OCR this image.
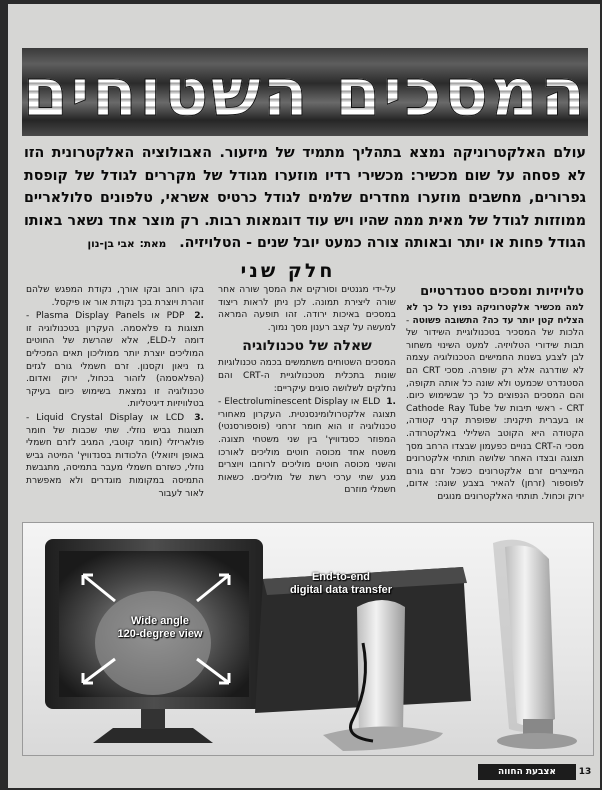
המסכים השטוחים
עולם האלקטרוניקה נמצא בתהליך מתמיד של מיזעור. האבולוציה האלקטרונית הזו לא פסחה על שום מכשיר: מכשירי רדיו מוזערו מגודל של מקררים לגודל של קופסת גפרורים, מחשבים מוזערו מחדרים שלמים לגודל כרטיס אשראי, טלפונים סלולאריים ממוזזות לגודל של מאית ממה שהיו ויש עוד דוגמאות רבות. רק מוצר אחד נשאר באותו הגודל פחות או יותר ובאותה צורה כמעט יובל שנים - הטלויזיה. מאת: אבי בן-נון
חלק שני
טלויזיות ומסכים סטנדרטיים

למה מכשיר אלקטרוניקה נפוץ כל כך לא הצליח קטן יותר עד כה? התשובה פשוטה - הלכות של המסכיר בטכנולוגיית השידור של תבות שידורי הטלויזיה. למעט השינוי משחור לבן לצבע בשנות החמישים הטכנולוגיה עצמה לא שודרגה אלא רק שופרה. מסכי CRT הם הסטנדרט שכמעט ולא שונה כל אותה תקופה, והם המסכים הנפוצים כל כך שבשימוש כיום. CRT - ראשי תיבות של Cathode Ray Tube או בעברית תיקנית: שפופרת קרני קטודה, הקטודה היא הקוטב השלילי באלקטרודה. מסכי ה-CRT בנויים כפעמון שבצדו הרחב מסך תצוגה ובצדו האחר שלושה תותחי אלקטרונים המייצרים זרם אלקטרונים כשכל זרם גורם לפוספור (זרחן) להאיר בצבע שונה: אדום, ירוק וכחול. תותחי האלקטרונים מנוגים

על-ידי מגנטים וסורקים את המסך שורה אחר שורה ליצירת תמונה. לכן ניתן לראות ריצוד במסכים באיכות ירודה. זהו תופעה המראה למעשה על קצב רענון מסך נמוך.

שאלה של טכנולוגיה

המסכים השטוחים משתמשים בכמה טכנולוגיות שונות בתכלית מטכנולוגיית ה-CRT והם נחלקים לשלושה סוגים עיקריים:

.1 ELD או Electroluminescent Display - תצוגה אלקטרולומינסנטית. העקרון מאחורי טכנולוגיה זו הוא חומר זרחני (פוספורסנטי) המפוזר כסנדוויץ' בין שני משטחי תצוגה. משטח אחד מכוסה חוטים מוליכים לאורכו והשני מכוסה חוטים מוליכים לרוחבו ויוצרים מגע שתי ערכי רשת של מוליכים. כשאות חשמלי מוזרם

בקו רוחב ובקו אורך, נקודת המפגש שלהם זוהרת ויוצרת בכך נקודת אור או פיקסל.

.2 PDP או Plasma Display Panels - תצוגות גז פלאסמה. העקרון בטכנולוגיה זו דומה ל-ELD, אלא שהרשת של החוטים המוליכים יוצרת יותר ממוליכון תאים המכילים גז ניאון וקסנון. זרם חשמלי גורם לגזים (הפלאסמה) לזהור בכחול, ירוק ואדום. טכנולוגיה זו נמצאת בשימוש כיום בעיקר בטלוויזיות דיגיטליות.

.3 LCD או Liquid Crystal Display - תצוגות גביש נוזלי. שתי שכבות של חומר פולאריזלי (חומר קוטבי, המגיב לזרם חשמלי באופן ויזואלי) הלכודות בסנדוויץ' המיטה גביש נוזלי, כשזרם חשמלי מעבר בתמיסה, מתגבשת התמיסה במקומות מוגדרים ולא מאפשרת לאור לעבור

Wide angle
120-degree view
End-to-end
digital data transfer
13
אצבעת החווה
